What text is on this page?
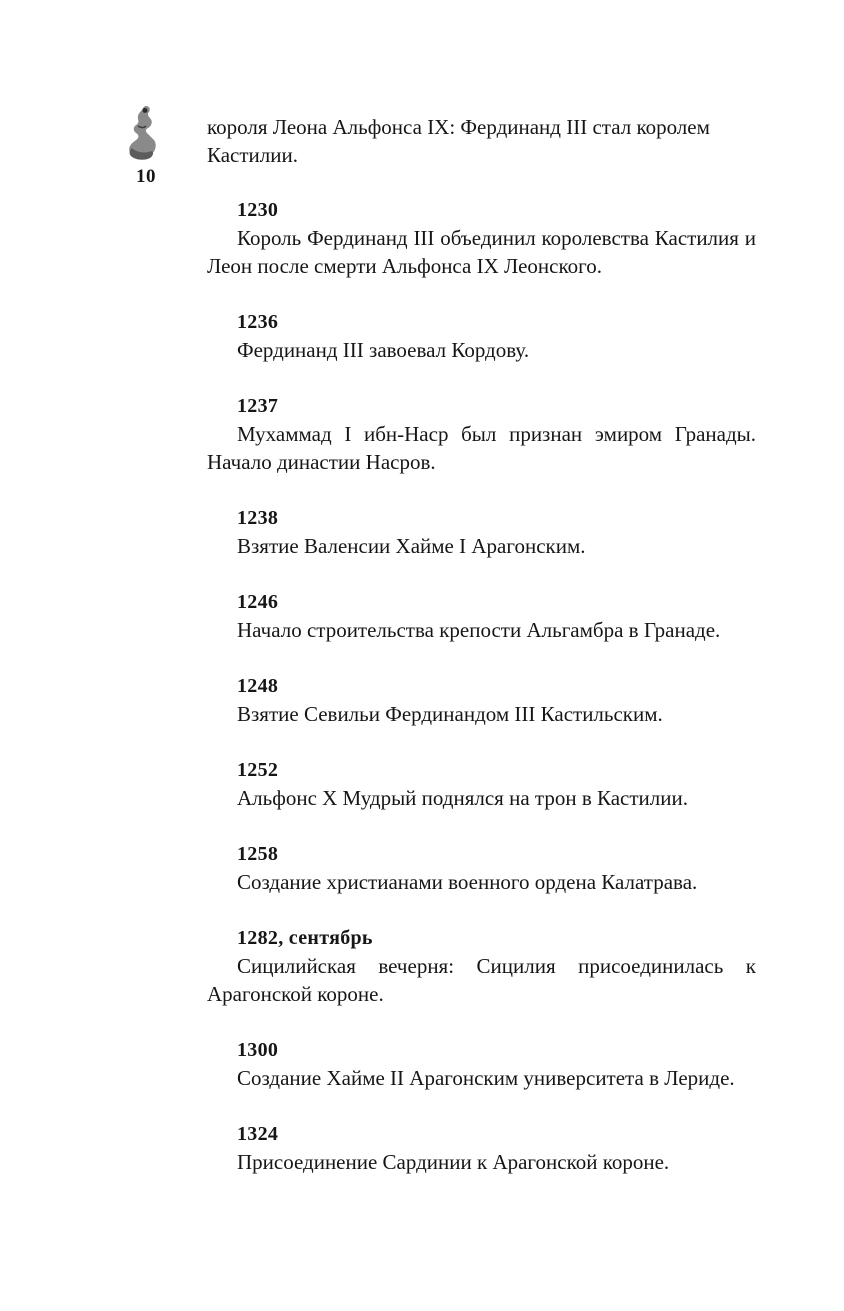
10

короля Леона Альфонса IX: Фердинанд III стал королем Кастилии.

1230

Король Фердинанд III объединил королевства Кастилия и Леон после смерти Альфонса IX Леонского.

1236

Фердинанд III завоевал Кордову.

1237

Мухаммад I ибн-Наср был признан эмиром Гранады. Начало династии Насров.

1238

Взятие Валенсии Хайме I Арагонским.

1246

Начало строительства крепости Альгамбра в Гранаде.

1248

Взятие Севильи Фердинандом III Кастильским.

1252

Альфонс X Мудрый поднялся на трон в Кастилии.

1258

Создание христианами военного ордена Калатрава.

1282, сентябрь

Сицилийская вечерня: Сицилия присоединилась к Арагонской короне.

1300

Создание Хайме II Арагонским университета в Лериде.

1324

Присоединение Сардинии к Арагонской короне.
